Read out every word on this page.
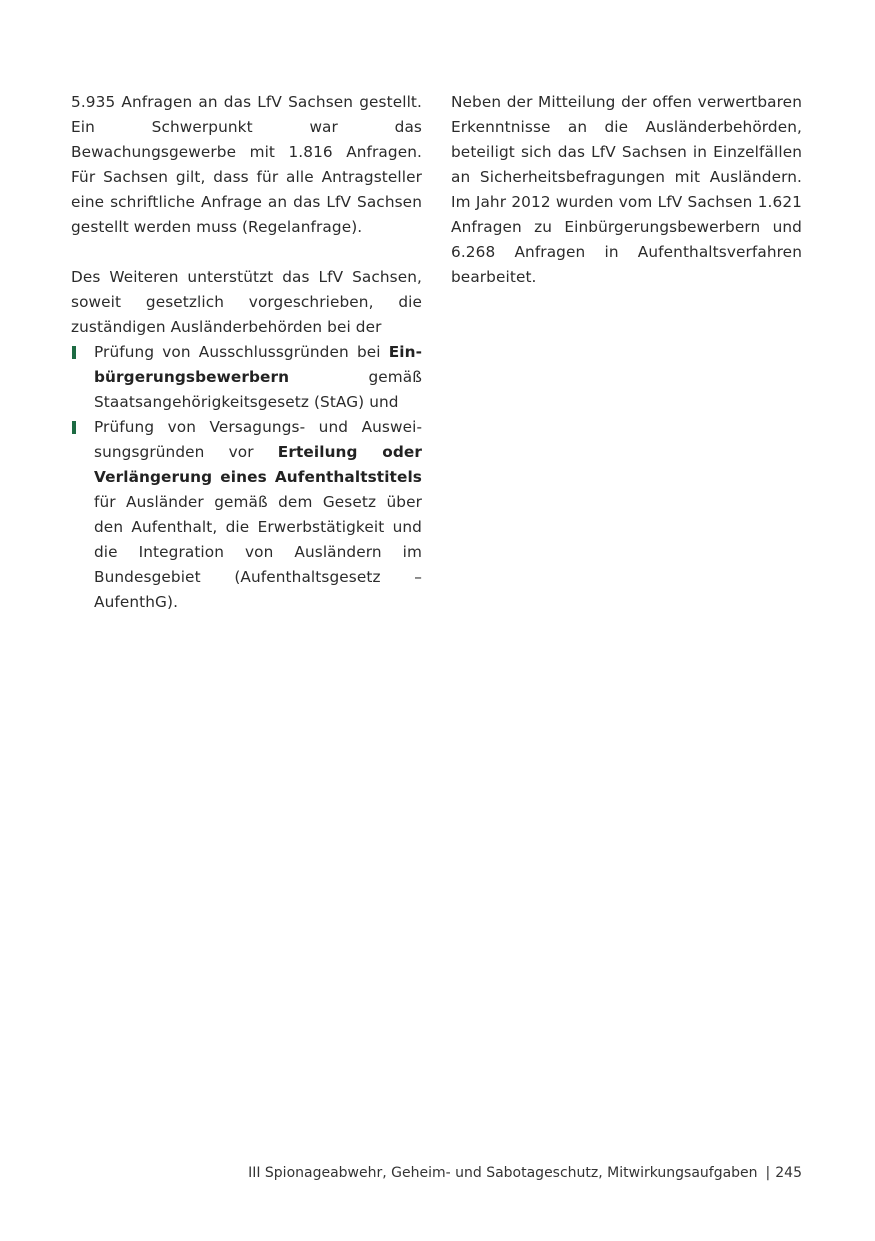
5.935 Anfragen an das LfV Sachsen gestellt. Ein Schwerpunkt war das Bewachungsgewerbe mit 1.816 Anfragen. Für Sachsen gilt, dass für alle Antragsteller eine schriftliche Anfrage an das LfV Sachsen gestellt werden muss (Regelanfrage).

Des Weiteren unterstützt das LfV Sachsen, soweit gesetzlich vorgeschrieben, die zuständigen Ausländerbehörden bei der

Prüfung von Ausschlussgründen bei Einbürgerungsbewerbern gemäß Staatsangehörigkeitsgesetz (StAG) und
Prüfung von Versagungs- und Ausweisungsgründen vor Erteilung oder Verlängerung eines Aufenthaltstitels für Ausländer gemäß dem Gesetz über den Aufenthalt, die Erwerbstätigkeit und die Integration von Ausländern im Bundesgebiet (Aufenthaltsgesetz – AufenthG).

Neben der Mitteilung der offen verwertbaren Erkenntnisse an die Ausländerbehörden, beteiligt sich das LfV Sachsen in Einzelfällen an Sicherheitsbefragungen mit Ausländern. Im Jahr 2012 wurden vom LfV Sachsen 1.621 Anfragen zu Einbürgerungsbewerbern und 6.268 Anfragen in Aufenthaltsverfahren bearbeitet.

III Spionageabwehr, Geheim- und Sabotageschutz, Mitwirkungsaufgaben | 245
